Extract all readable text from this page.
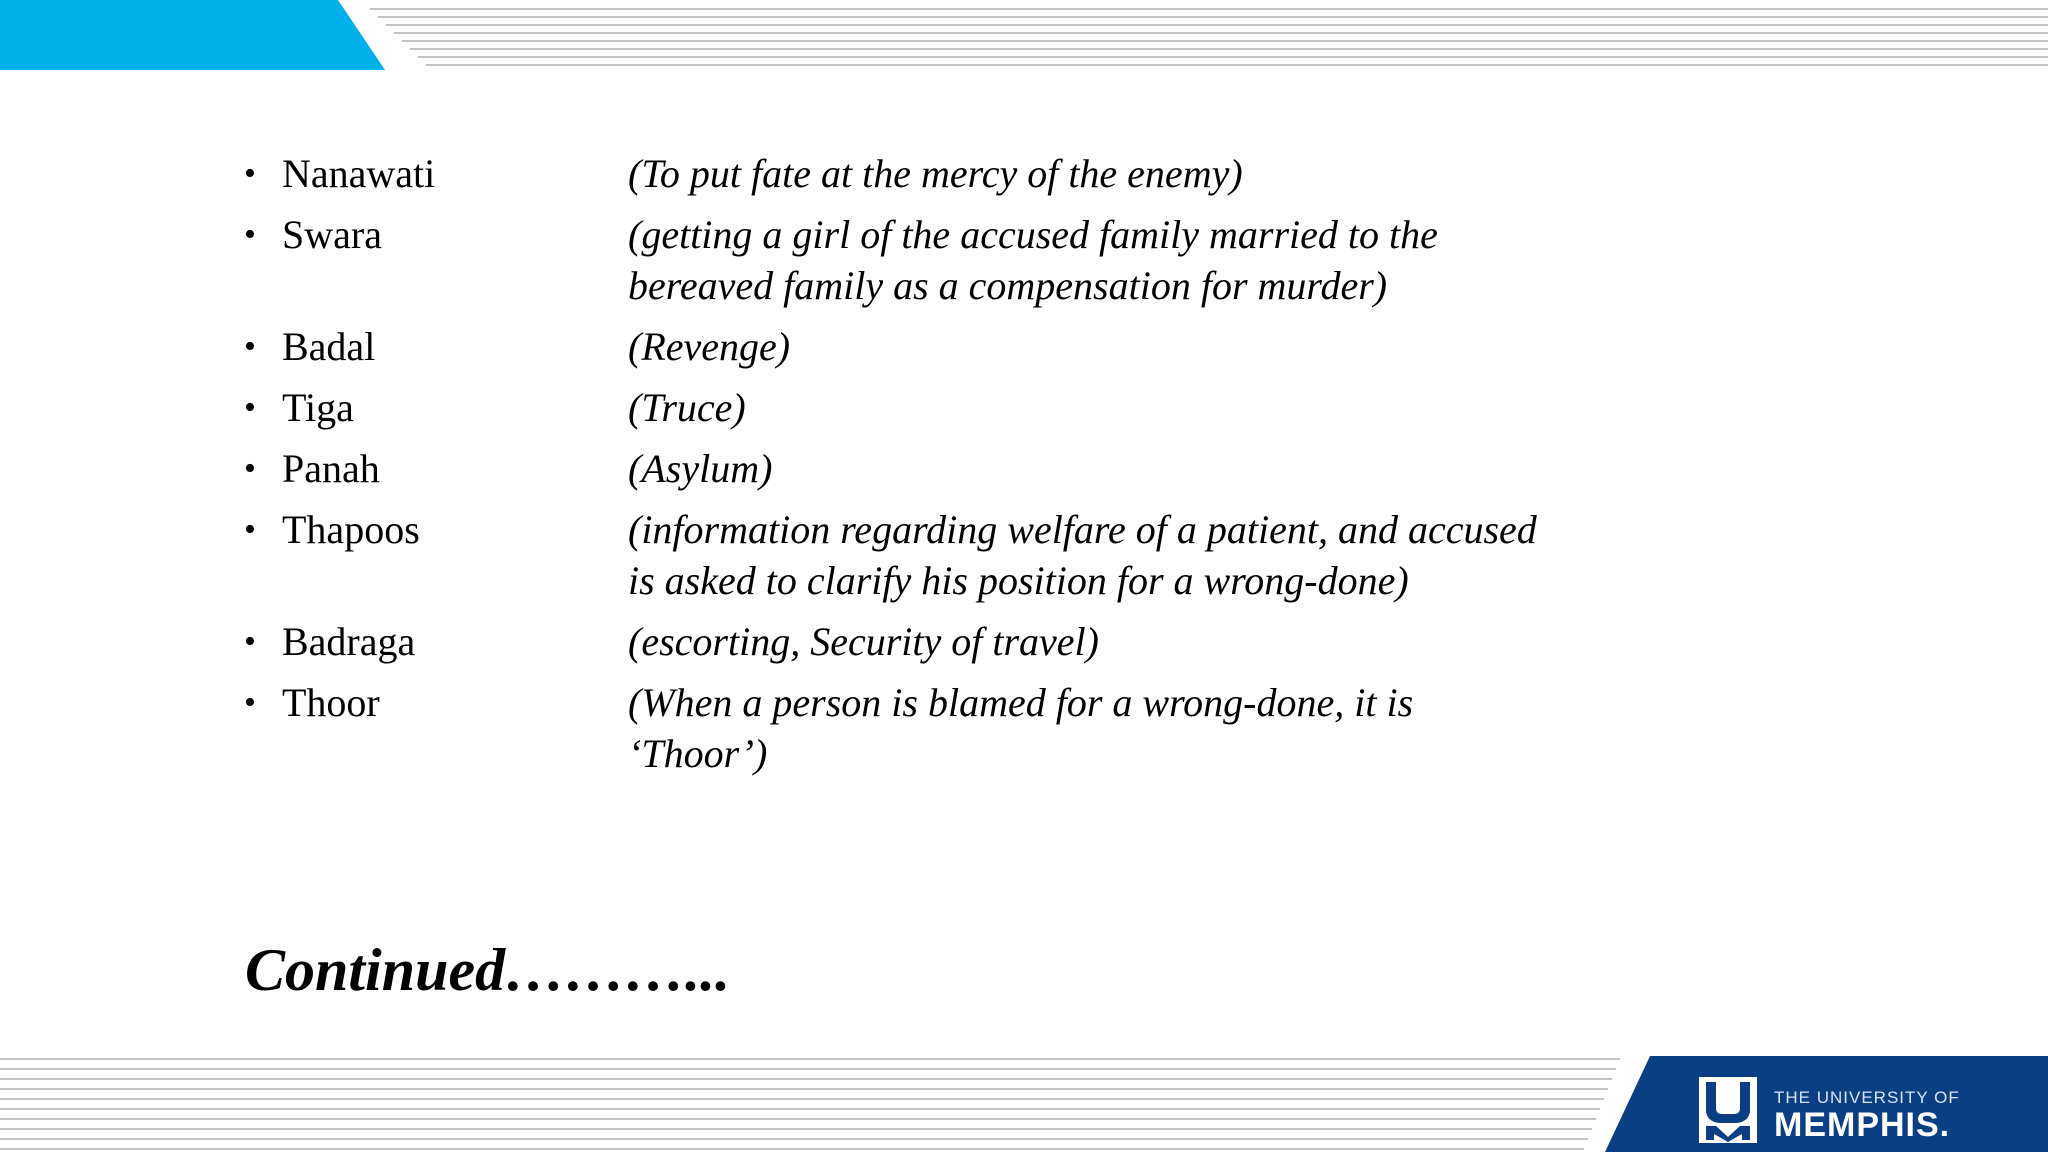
• Nanawati	(To put fate at the mercy of the enemy)
• Swara	(getting a girl of the accused family married to the bereaved family as a compensation for murder)
• Badal	(Revenge)
• Tiga	(Truce)
• Panah	(Asylum)
• Thapoos	(information regarding welfare of a patient, and accused is asked to clarify his position for a wrong-done)
• Badraga	(escorting, Security of travel)
• Thoor	(When a person is blamed for a wrong-done, it is ‘Thoor’)
Continued………...
THE UNIVERSITY OF
MEMPHIS.
